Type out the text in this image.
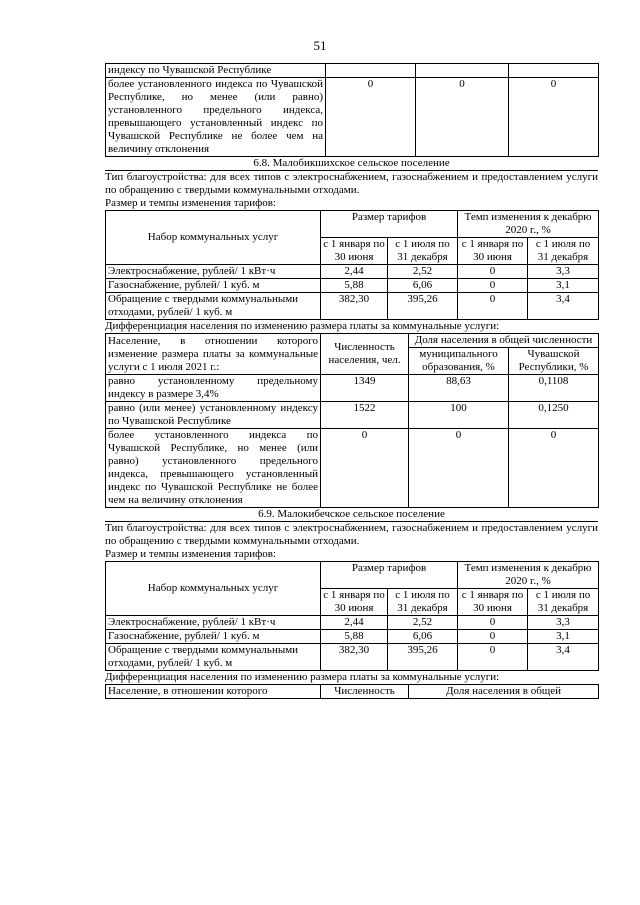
51
индексу по Чувашской Республике			
более установленного индекса по Чувашской Республике, но менее (или равно) установленного предельного индекса, превышающего установленный индекс по Чувашской Республике не более чем на величину отклонения	0	0	0
6.8. Малобикшихское сельское поселение
Тип благоустройства: для всех типов с электроснабжением, газоснабжением и предоставлением услуги по обращению с твердыми коммунальными отходами.
Размер и темпы изменения тарифов:
Набор коммунальных услуг	Размер тарифов		Темп изменения к декабрю 2020 г., %	
	с 1 января по 30 июня	с 1 июля по 31 декабря	с 1 января по 30 июня	с 1 июля по 31 декабря
Электроснабжение, рублей/ 1 кВт·ч	2,44	2,52	0	3,3
Газоснабжение, рублей/ 1 куб. м	5,88	6,06	0	3,1
Обращение с твердыми коммунальными отходами, рублей/ 1 куб. м	382,30	395,26	0	3,4
Дифференциация населения по изменению размера платы за коммунальные услуги:
Население, в отношении которого изменение размера платы за коммунальные услуги с 1 июля 2021 г.:	Численность населения, чел.	Доля населения в общей численности	
		муниципального образования, %	Чувашской Республики, %
равно установленному предельному индексу в размере 3,4%	1349	88,63	0,1108
равно (или менее) установленному индексу по Чувашской Республике	1522	100	0,1250
более установленного индекса по Чувашской Республике, но менее (или равно) установленного предельного индекса, превышающего установленный индекс по Чувашской Республике не более чем на величину отклонения	0	0	0
6.9. Малокибечское сельское поселение
Тип благоустройства: для всех типов с электроснабжением, газоснабжением и предоставлением услуги по обращению с твердыми коммунальными отходами.
Размер и темпы изменения тарифов:
Набор коммунальных услуг	Размер тарифов		Темп изменения к декабрю 2020 г., %	
	с 1 января по 30 июня	с 1 июля по 31 декабря	с 1 января по 30 июня	с 1 июля по 31 декабря
Электроснабжение, рублей/ 1 кВт·ч	2,44	2,52	0	3,3
Газоснабжение, рублей/ 1 куб. м	5,88	6,06	0	3,1
Обращение с твердыми коммунальными отходами, рублей/ 1 куб. м	382,30	395,26	0	3,4
Дифференциация населения по изменению размера платы за коммунальные услуги:
Население, в отношении которого	Численность	Доля населения в общей
